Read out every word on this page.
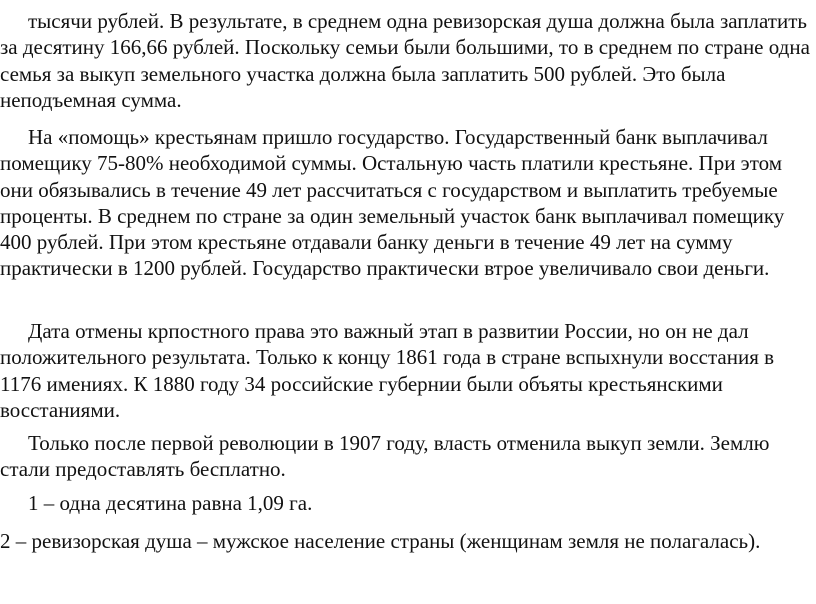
тысячи рублей. В результате, в среднем одна ревизорская душа должна была заплатить за десятину 166,66 рублей. Поскольку семьи были большими, то в среднем по стране одна семья за выкуп земельного участка должна была заплатить 500 рублей. Это была неподъемная сумма.

На «помощь» крестьянам пришло государство. Государственный банк выплачивал помещику 75-80% необходимой суммы. Остальную часть платили крестьяне. При этом они обязывались в течение 49 лет рассчитаться с государством и выплатить требуемые проценты. В среднем по стране за один земельный участок банк выплачивал помещику 400 рублей. При этом крестьяне отдавали банку деньги в течение 49 лет на сумму практически в 1200 рублей. Государство практически втрое увеличивало свои деньги.

Дата отмены крпостного права это важный этап в развитии России, но он не дал положительного результата. Только к концу 1861 года в стране вспыхнули восстания в 1176 имениях. К 1880 году 34 российские губернии были объяты крестьянскими восстаниями.

Только после первой революции в 1907 году, власть отменила выкуп земли. Землю стали предоставлять бесплатно.

1 – одна десятина равна 1,09 га.

2 – ревизорская душа – мужское население страны (женщинам земля не полагалась).
